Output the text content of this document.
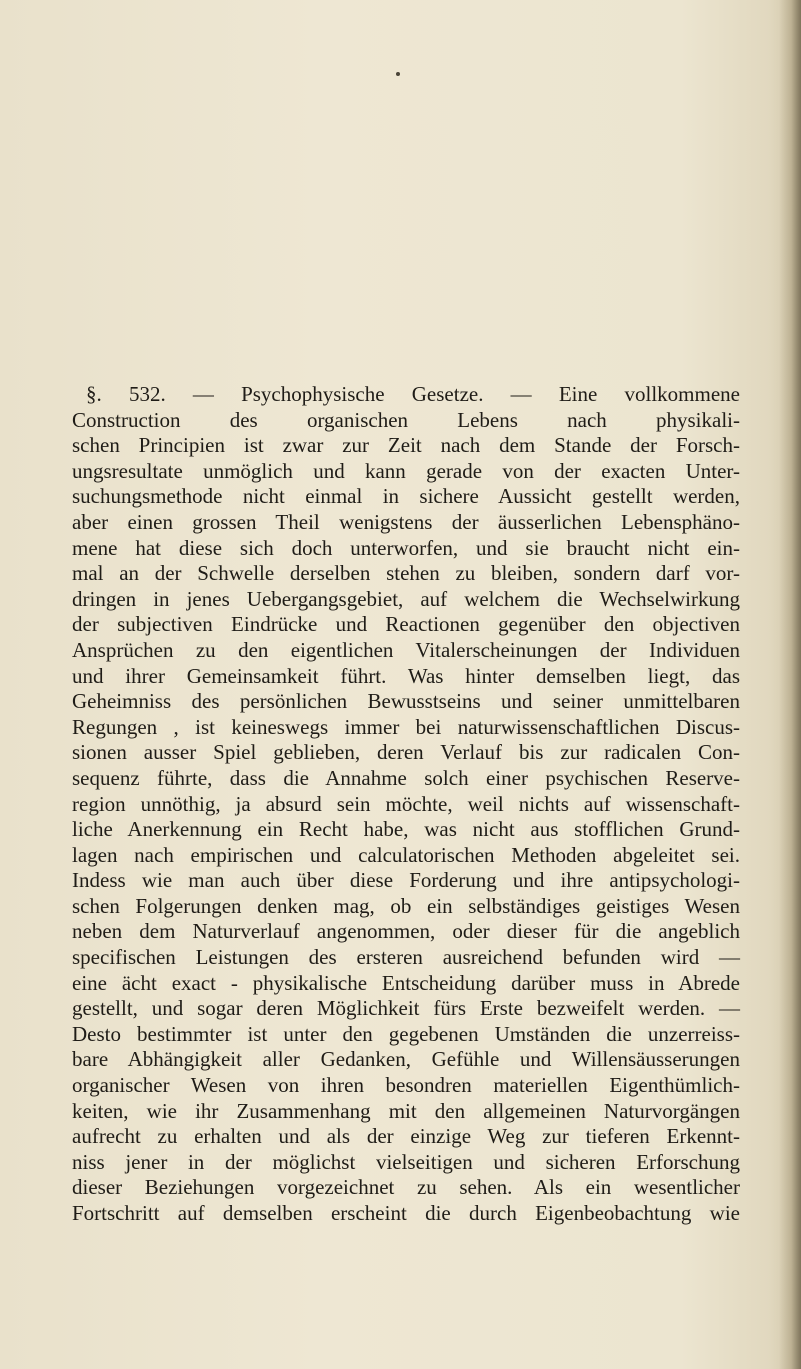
§. 532. — Psychophysische Gesetze. — Eine vollkommene
Construction des organischen Lebens nach physikali-
schen Principien ist zwar zur Zeit nach dem Stande der Forsch-
ungsresultate unmöglich und kann gerade von der exacten Unter-
suchungsmethode nicht einmal in sichere Aussicht gestellt werden,
aber einen grossen Theil wenigstens der äusserlichen Lebensphäno-
mene hat diese sich doch unterworfen, und sie braucht nicht ein-
mal an der Schwelle derselben stehen zu bleiben, sondern darf vor-
dringen in jenes Uebergangsgebiet, auf welchem die Wechselwirkung
der subjectiven Eindrücke und Reactionen gegenüber den objectiven
Ansprüchen zu den eigentlichen Vitalerscheinungen der Individuen
und ihrer Gemeinsamkeit führt. Was hinter demselben liegt, das
Geheimniss des persönlichen Bewusstseins und seiner unmittelbaren
Regungen , ist keineswegs immer bei naturwissenschaftlichen Discus-
sionen ausser Spiel geblieben, deren Verlauf bis zur radicalen Con-
sequenz führte, dass die Annahme solch einer psychischen Reserve-
region unnöthig, ja absurd sein möchte, weil nichts auf wissenschaft-
liche Anerkennung ein Recht habe, was nicht aus stofflichen Grund-
lagen nach empirischen und calculatorischen Methoden abgeleitet sei.
Indess wie man auch über diese Forderung und ihre antipsychologi-
schen Folgerungen denken mag, ob ein selbständiges geistiges Wesen
neben dem Naturverlauf angenommen, oder dieser für die angeblich
specifischen Leistungen des ersteren ausreichend befunden wird —
eine ächt exact - physikalische Entscheidung darüber muss in Abrede
gestellt, und sogar deren Möglichkeit fürs Erste bezweifelt werden. —
Desto bestimmter ist unter den gegebenen Umständen die unzerreiss-
bare Abhängigkeit aller Gedanken, Gefühle und Willensäusserungen
organischer Wesen von ihren besondren materiellen Eigenthümlich-
keiten, wie ihr Zusammenhang mit den allgemeinen Naturvorgängen
aufrecht zu erhalten und als der einzige Weg zur tieferen Erkennt-
niss jener in der möglichst vielseitigen und sicheren Erforschung
dieser Beziehungen vorgezeichnet zu sehen. Als ein wesentlicher
Fortschritt auf demselben erscheint die durch Eigenbeobachtung wie
